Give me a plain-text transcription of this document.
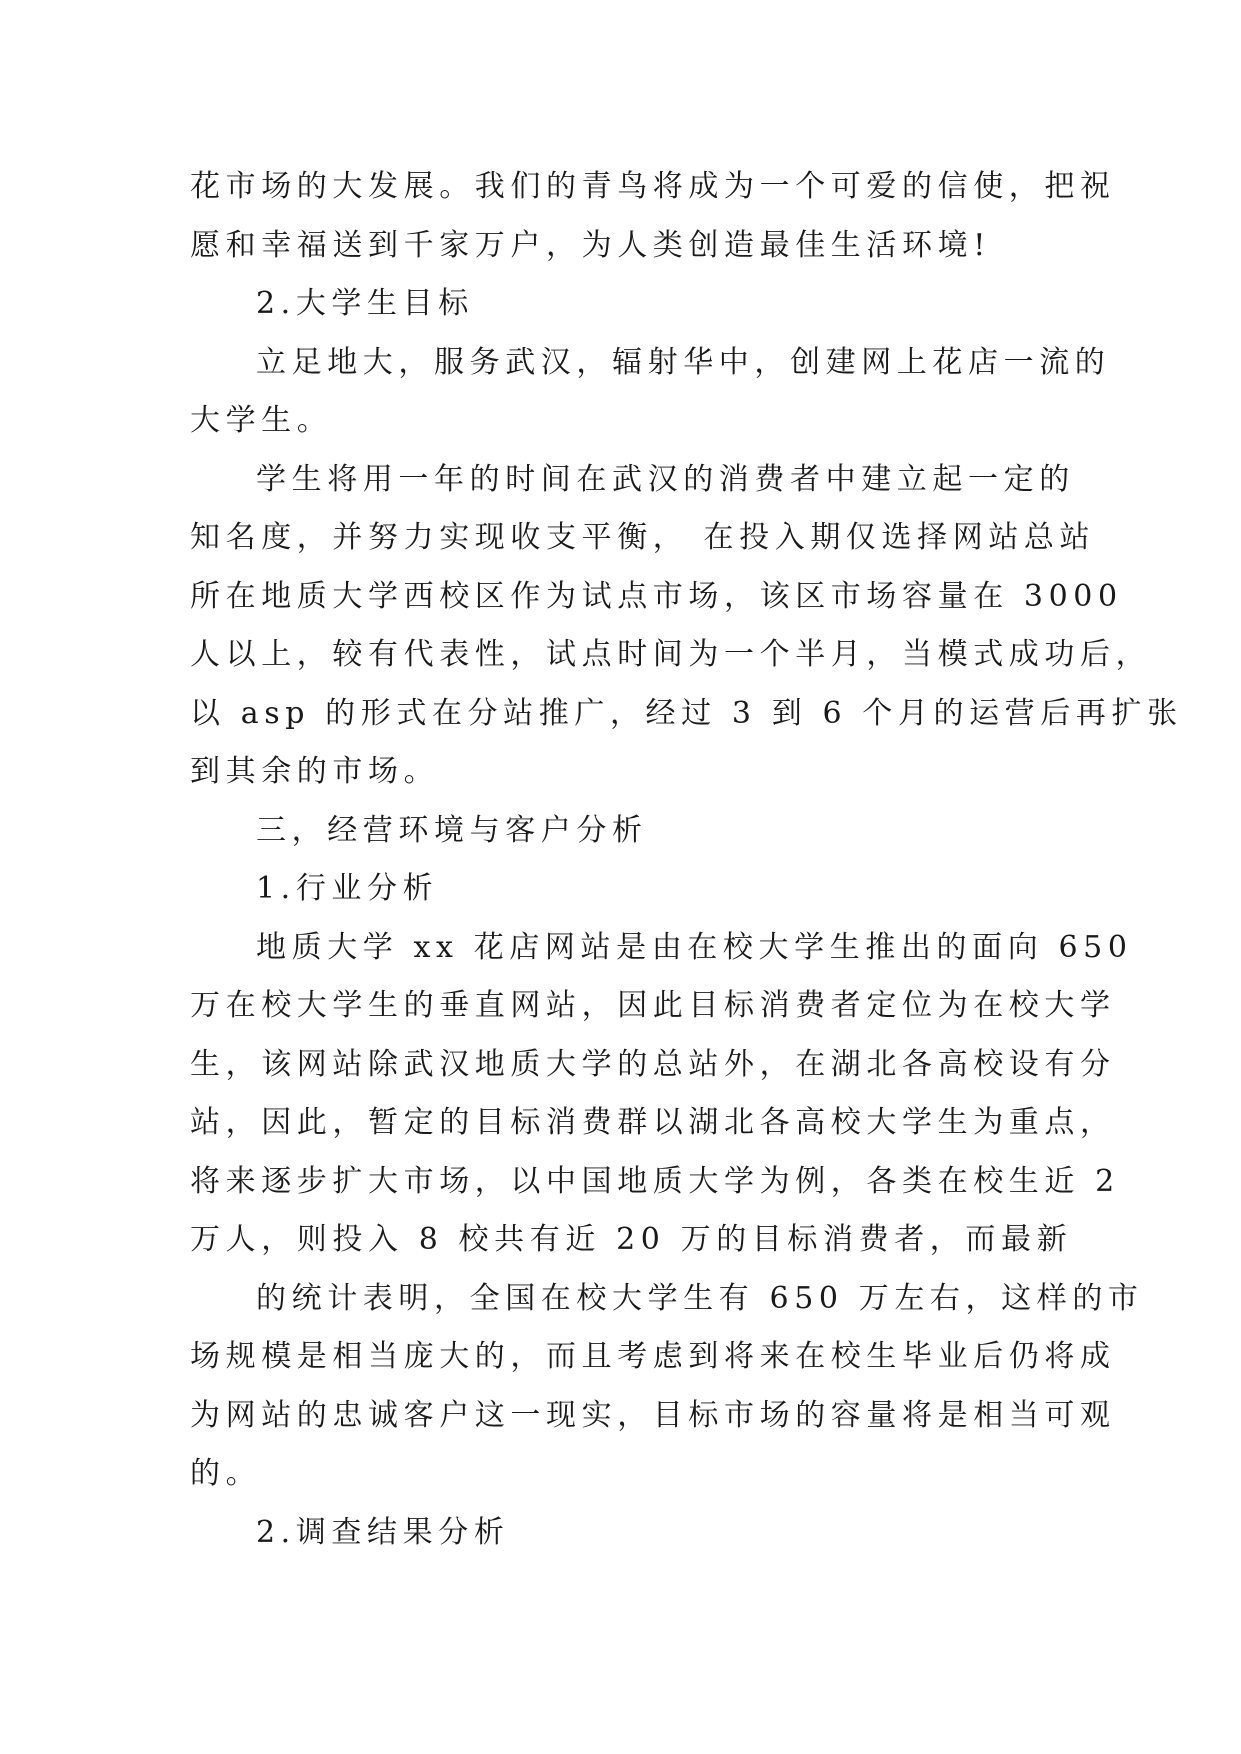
花市场的大发展。我们的青鸟将成为一个可爱的信使，把祝
愿和幸福送到千家万户，为人类创造最佳生活环境!

2.大学生目标

立足地大，服务武汉，辐射华中，创建网上花店一流的
大学生。

学生将用一年的时间在武汉的消费者中建立起一定的
知名度，并努力实现收支平衡， 在投入期仅选择网站总站
所在地质大学西校区作为试点市场，该区市场容量在 3000
人以上，较有代表性，试点时间为一个半月，当模式成功后，
以 asp 的形式在分站推广，经过 3 到 6 个月的运营后再扩张
到其余的市场。

三，经营环境与客户分析

1.行业分析

地质大学 xx 花店网站是由在校大学生推出的面向 650
万在校大学生的垂直网站，因此目标消费者定位为在校大学
生，该网站除武汉地质大学的总站外，在湖北各高校设有分
站，因此，暂定的目标消费群以湖北各高校大学生为重点，
将来逐步扩大市场，以中国地质大学为例，各类在校生近 2
万人，则投入 8 校共有近 20 万的目标消费者，而最新

的统计表明，全国在校大学生有 650 万左右，这样的市
场规模是相当庞大的，而且考虑到将来在校生毕业后仍将成
为网站的忠诚客户这一现实，目标市场的容量将是相当可观
的。

2.调查结果分析
